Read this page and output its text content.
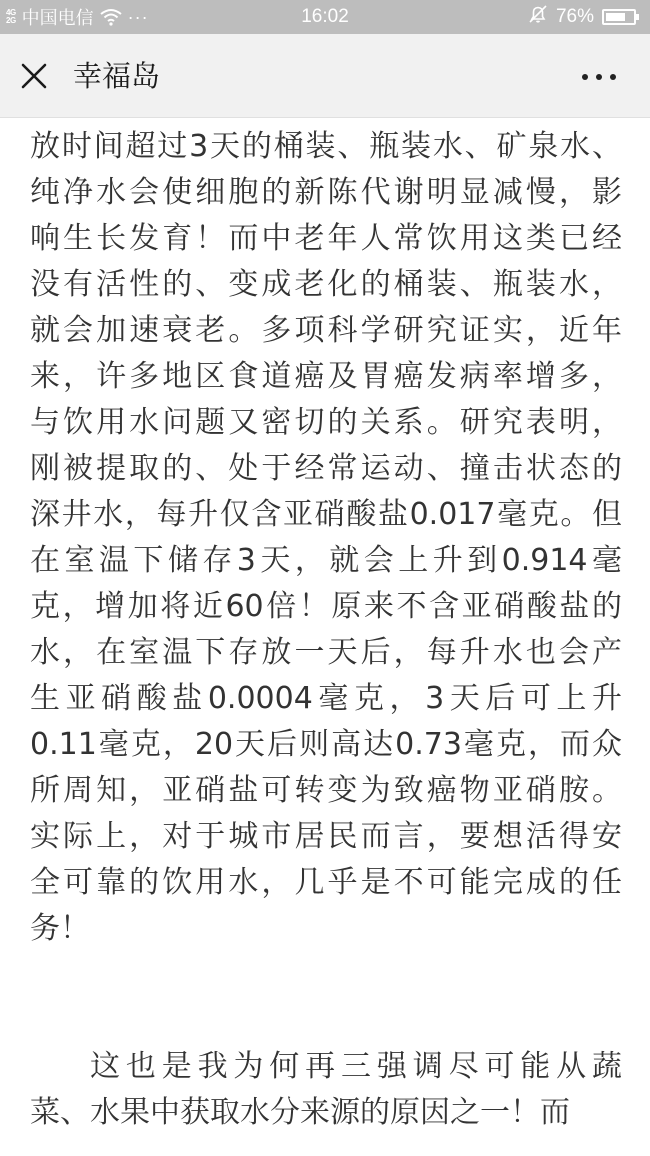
4G
2G 中国电信 ···	16:02	76%
幸福岛
放时间超过3天的桶装、瓶装水、矿泉水、
纯净水会使细胞的新陈代谢明显减慢，影
响生长发育！而中老年人常饮用这类已经
没有活性的、变成老化的桶装、瓶装水，
就会加速衰老。多项科学研究证实，近年
来，许多地区食道癌及胃癌发病率增多，
与饮用水问题又密切的关系。研究表明，
刚被提取的、处于经常运动、撞击状态的
深井水，每升仅含亚硝酸盐0.017毫克。但
在室温下储存3天，就会上升到0.914毫
克，增加将近60倍！原来不含亚硝酸盐的
水，在室温下存放一天后，每升水也会产
生亚硝酸盐0.0004毫克，3天后可上升
0.11毫克，20天后则高达0.73毫克，而众
所周知，亚硝盐可转变为致癌物亚硝胺。
实际上，对于城市居民而言，要想活得安
全可靠的饮用水，几乎是不可能完成的任
务！
这也是我为何再三强调尽可能从蔬
菜、水果中获取水分来源的原因之一！而
